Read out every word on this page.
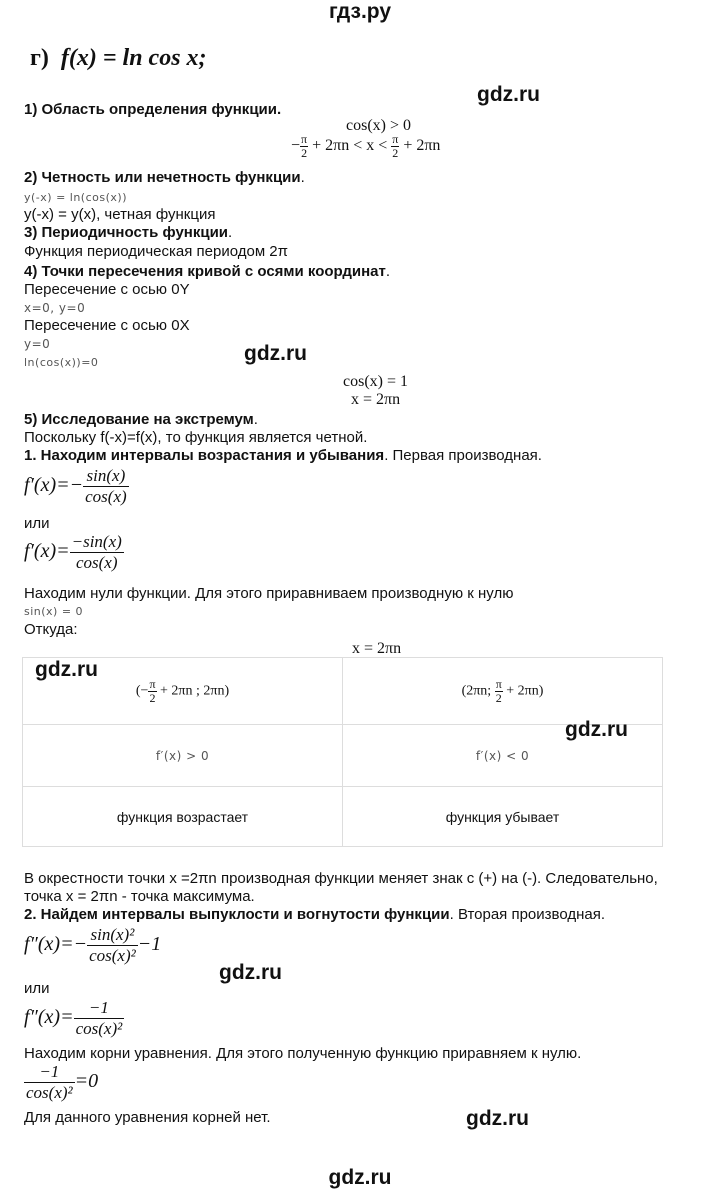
гдз.ру
г) f(x) = ln cos x;
gdz.ru
1) Область определения функции.
cos(x) > 0
− $\frac{\pi}{2} + 2\pi n < x < \frac{\pi}{2} + 2\pi n$
2) Четность или нечетность функции.
y(-x) = ln(cos(x))
y(-x) = y(x), четная функция
3) Периодичность функции.
Функция периодическая периодом 2π
4) Точки пересечения кривой с осями координат.
Пересечение с осью 0Y
x=0, y=0
Пересечение с осью 0X
y=0
ln(cos(x))=0	gdz.ru
cos(x) = 1
x = 2πn
5) Исследование на экстремум.
Поскольку f(-x)=f(x), то функция является четной.
1. Находим интервалы возрастания и убывания. Первая производная.
$f'(x)=- \frac{\sin(x)}{\cos(x)}$
или
$f'(x)= \frac{-\sin(x)}{\cos(x)}$
Находим нули функции. Для этого приравниваем производную к нулю
sin(x) = 0
Откуда:
x = 2πn
(− $\frac{\pi}{2} + 2\pi n$ ; 2πn)	(2πn; $\frac{\pi}{2} + 2\pi n$)
f′(x) > 0	f′(x) < 0
функция возрастает	функция убывает
gdz.ru
gdz.ru
В окрестности точки x =2πn производная функции меняет знак с (+) на (-). Следовательно,
точка x = 2πn - точка максимума.
2. Найдем интервалы выпуклости и вогнутости функции. Вторая производная.
$f''(x)=- \frac{\text{sin(x)²}}{\text{cos(x)²}} -1$
gdz.ru
или
$f''(x)= \frac{-1}{\text{cos(x)²}}$
Находим корни уравнения. Для этого полученную функцию приравняем к нулю.
$\frac{-1}{\text{cos(x)²}} =0$
Для данного уравнения корней нет.	gdz.ru
gdz.ru
